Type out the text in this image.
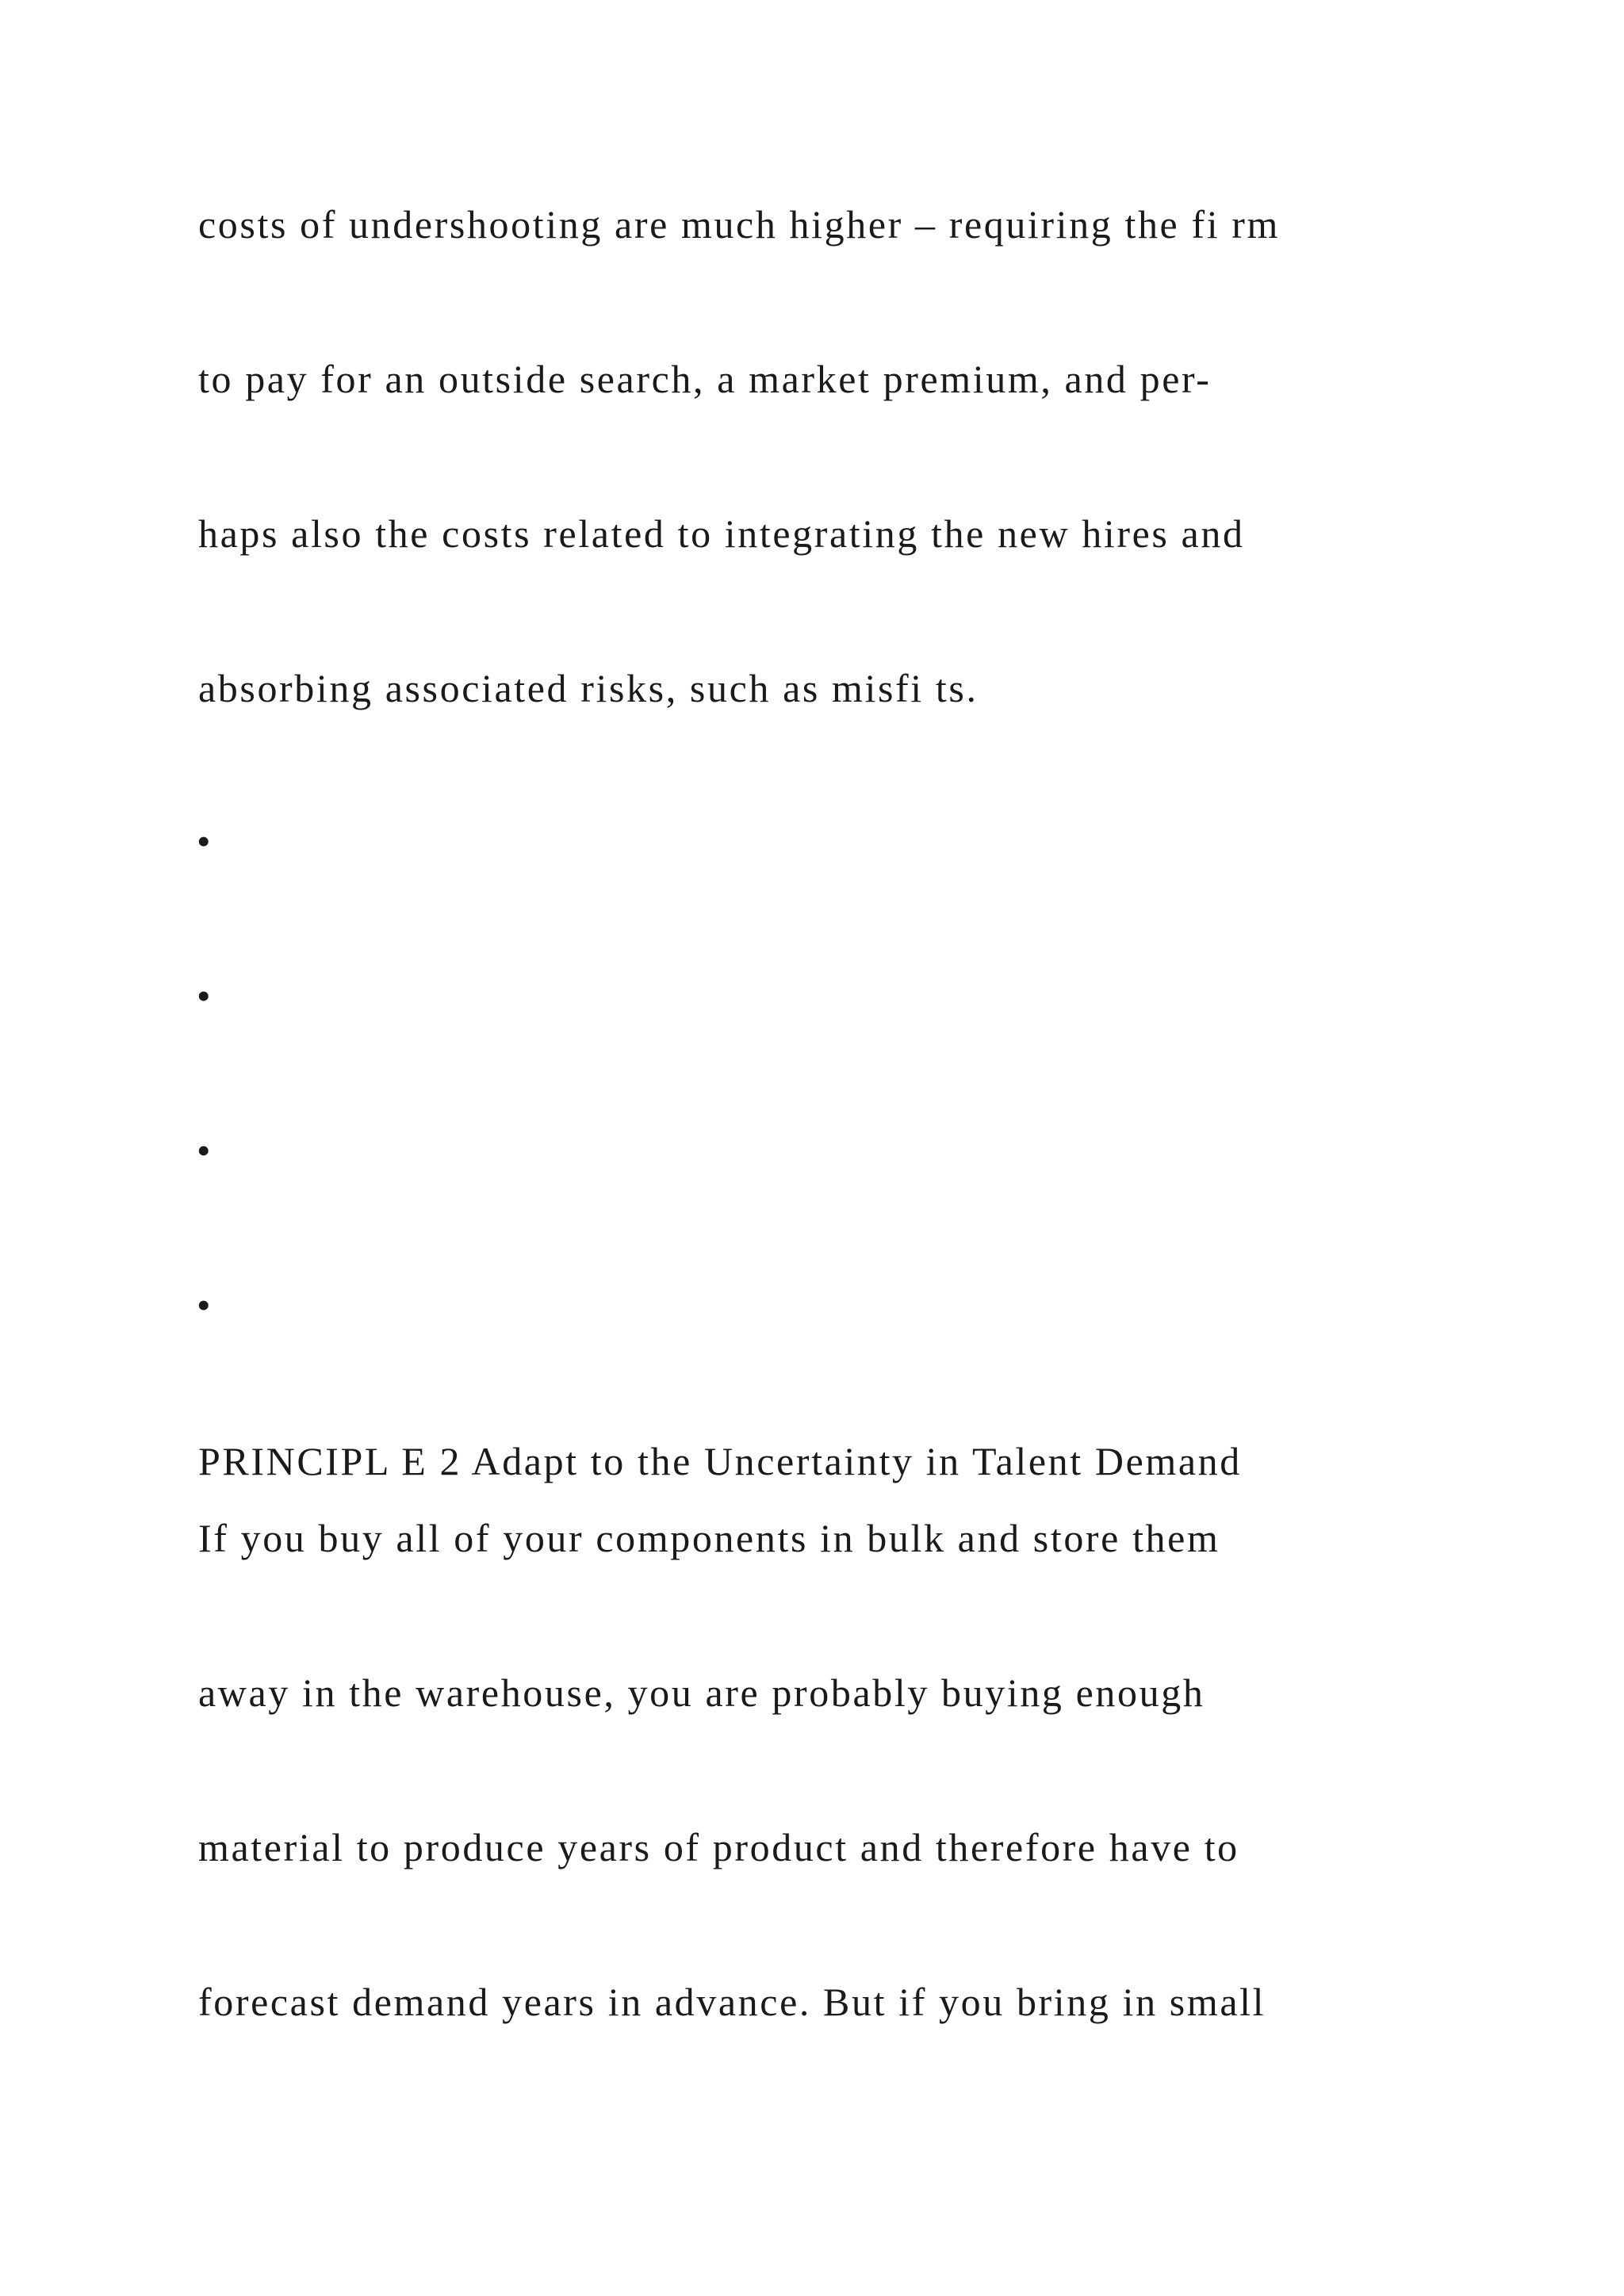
costs of undershooting are much higher – requiring the fi rm
to pay for an outside search, a market premium, and per-
haps also the costs related to integrating the new hires and
absorbing associated risks, such as misfi ts.
•
•
•
•
PRINCIPL E 2 Adapt to the Uncertainty in Talent Demand
If you buy all of your components in bulk and store them
away in the warehouse, you are probably buying enough
material to produce years of product and therefore have to
forecast demand years in advance. But if you bring in small
